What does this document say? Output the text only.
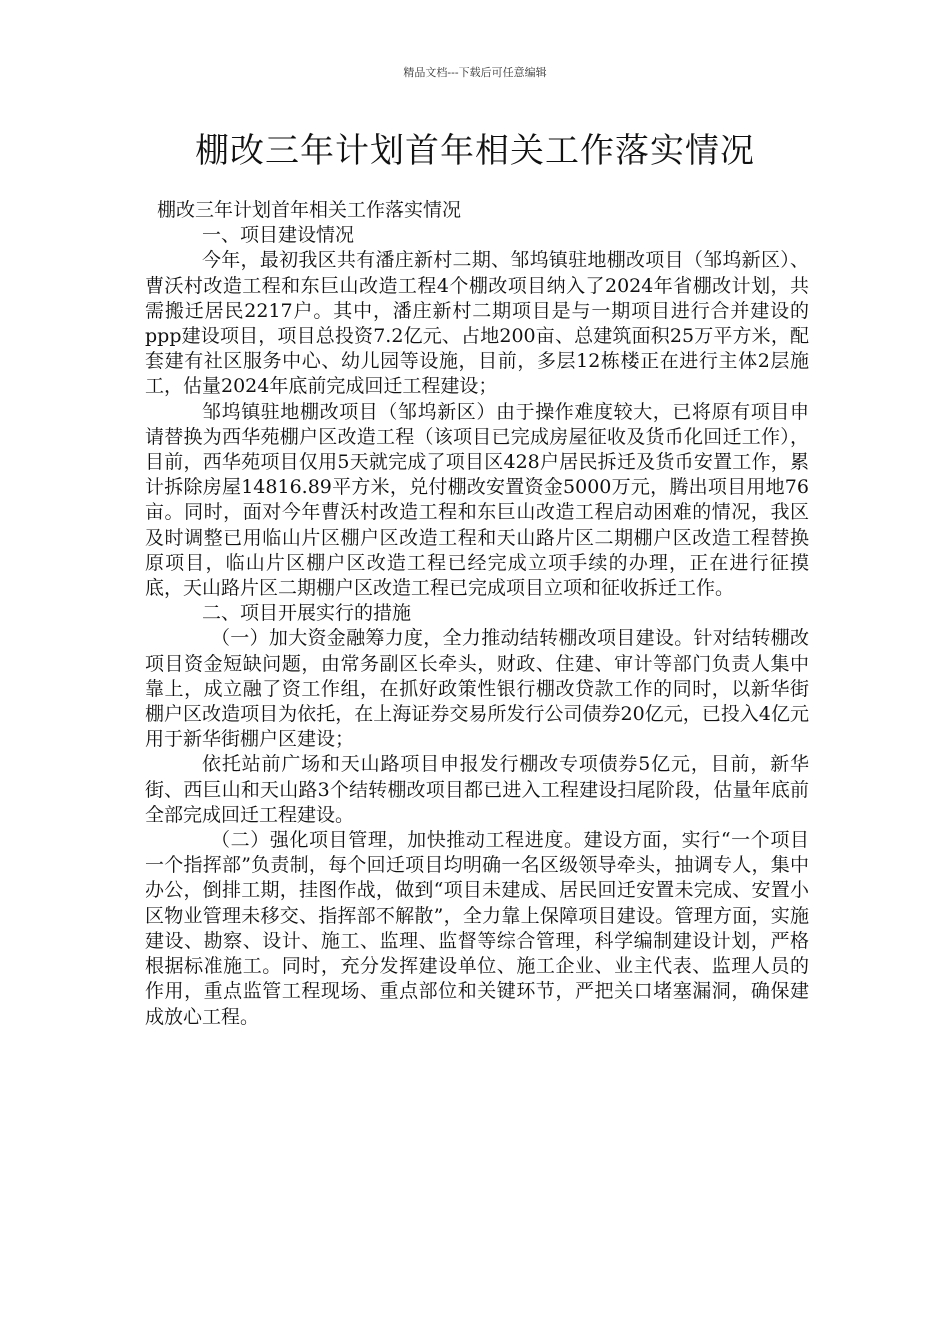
精品文档---下载后可任意编辑
棚改三年计划首年相关工作落实情况

棚改三年计划首年相关工作落实情况

一、项目建设情况

今年，最初我区共有潘庄新村二期、邹坞镇驻地棚改项目（邹坞新区）、曹沃村改造工程和东巨山改造工程4个棚改项目纳入了2024年省棚改计划，共需搬迁居民2217户。其中，潘庄新村二期项目是与一期项目进行合并建设的ppp建设项目，项目总投资7.2亿元、占地200亩、总建筑面积25万平方米，配套建有社区服务中心、幼儿园等设施，目前，多层12栋楼正在进行主体2层施工，估量2024年底前完成回迁工程建设；

邹坞镇驻地棚改项目（邹坞新区）由于操作难度较大，已将原有项目申请替换为西华苑棚户区改造工程（该项目已完成房屋征收及货币化回迁工作），目前，西华苑项目仅用5天就完成了项目区428户居民拆迁及货币安置工作，累计拆除房屋14816.89平方米，兑付棚改安置资金5000万元，腾出项目用地76亩。同时，面对今年曹沃村改造工程和东巨山改造工程启动困难的情况，我区及时调整已用临山片区棚户区改造工程和天山路片区二期棚户区改造工程替换原项目，临山片区棚户区改造工程已经完成立项手续的办理，正在进行征摸底，天山路片区二期棚户区改造工程已完成项目立项和征收拆迁工作。

二、项目开展实行的措施

（一）加大资金融筹力度，全力推动结转棚改项目建设。针对结转棚改项目资金短缺问题，由常务副区长牵头，财政、住建、审计等部门负责人集中靠上，成立融了资工作组，在抓好政策性银行棚改贷款工作的同时，以新华街棚户区改造项目为依托，在上海证券交易所发行公司债券20亿元，已投入4亿元用于新华街棚户区建设；

依托站前广场和天山路项目申报发行棚改专项债券5亿元，目前，新华街、西巨山和天山路3个结转棚改项目都已进入工程建设扫尾阶段，估量年底前全部完成回迁工程建设。

（二）强化项目管理，加快推动工程进度。建设方面，实行“一个项目一个指挥部”负责制，每个回迁项目均明确一名区级领导牵头，抽调专人，集中办公，倒排工期，挂图作战，做到“项目未建成、居民回迁安置未完成、安置小区物业管理未移交、指挥部不解散”，全力靠上保障项目建设。管理方面，实施建设、勘察、设计、施工、监理、监督等综合管理，科学编制建设计划，严格根据标准施工。同时，充分发挥建设单位、施工企业、业主代表、监理人员的作用，重点监管工程现场、重点部位和关键环节，严把关口堵塞漏洞，确保建成放心工程。
